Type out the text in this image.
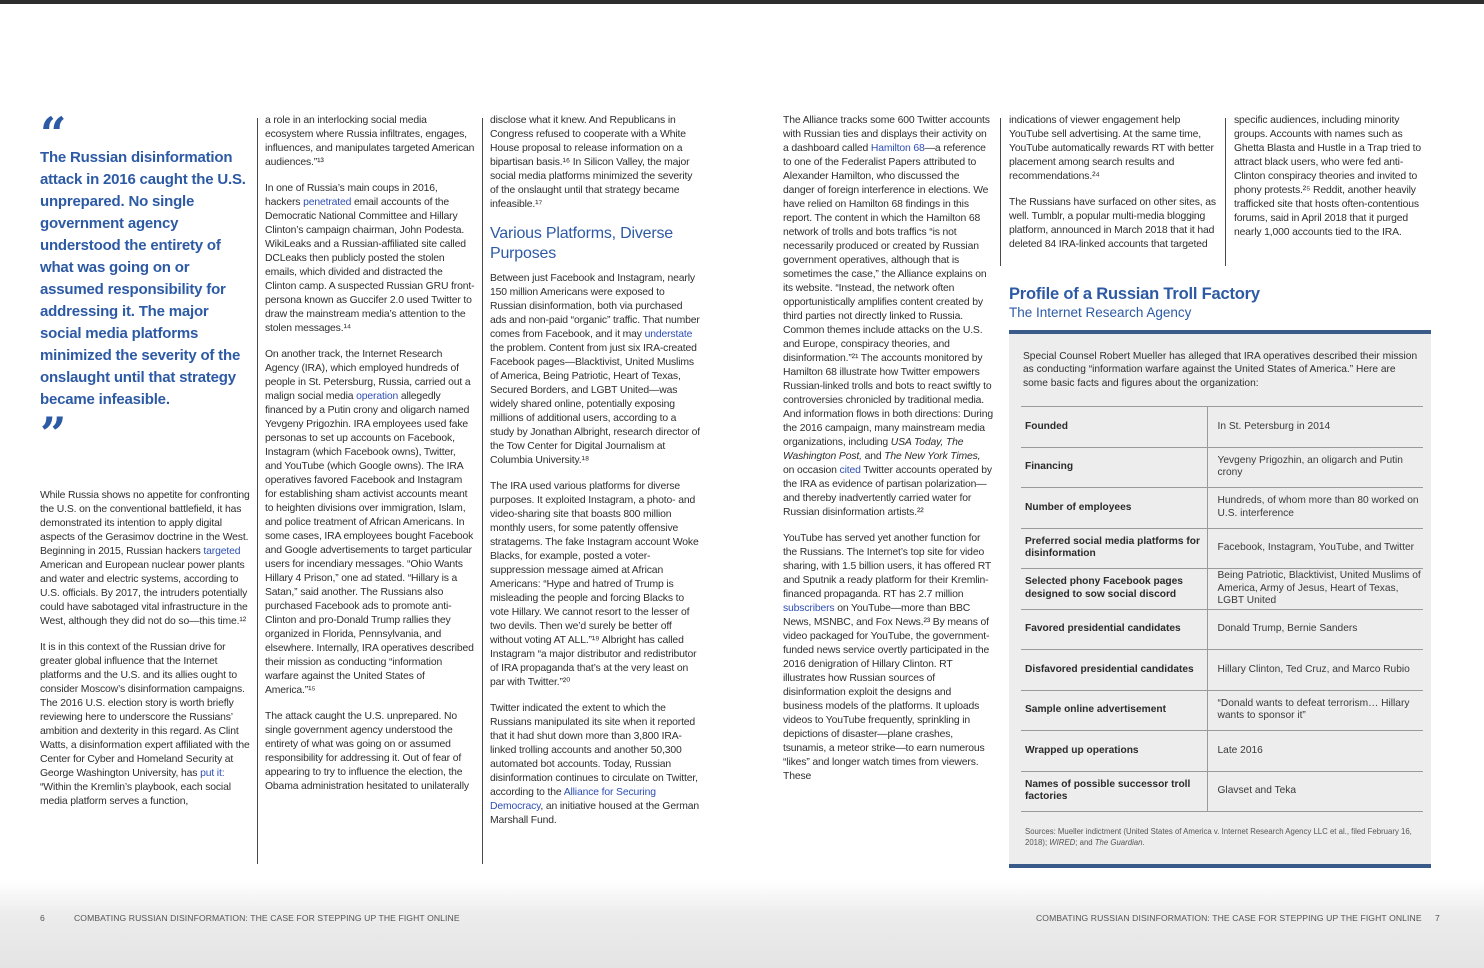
“
The Russian disinformation attack in 2016 caught the U.S. unprepared. No single government agency understood the entirety of what was going on or assumed responsibility for addressing it. The major social media platforms minimized the severity of the onslaught until that strategy became infeasible.
”

While Russia shows no appetite for confronting the U.S. on the conventional battlefield, it has demonstrated its intention to apply digital aspects of the Gerasimov doctrine in the West. Beginning in 2015, Russian hackers targeted American and European nuclear power plants and water and electric systems, according to U.S. officials. By 2017, the intruders potentially could have sabotaged vital infrastructure in the West, although they did not do so—this time.¹²

It is in this context of the Russian drive for greater global influence that the Internet platforms and the U.S. and its allies ought to consider Moscow’s disinformation campaigns. The 2016 U.S. election story is worth briefly reviewing here to underscore the Russians’ ambition and dexterity in this regard. As Clint Watts, a disinformation expert affiliated with the Center for Cyber and Homeland Security at George Washington University, has put it: “Within the Kremlin’s playbook, each social media platform serves a function,

a role in an interlocking social media ecosystem where Russia infiltrates, engages, influences, and manipulates targeted American audiences.”¹³

In one of Russia’s main coups in 2016, hackers penetrated email accounts of the Democratic National Committee and Hillary Clinton’s campaign chairman, John Podesta. WikiLeaks and a Russian-affiliated site called DCLeaks then publicly posted the stolen emails, which divided and distracted the Clinton camp. A suspected Russian GRU front-persona known as Guccifer 2.0 used Twitter to draw the mainstream media’s attention to the stolen messages.¹⁴

On another track, the Internet Research Agency (IRA), which employed hundreds of people in St. Petersburg, Russia, carried out a malign social media operation allegedly financed by a Putin crony and oligarch named Yevgeny Prigozhin. IRA employees used fake personas to set up accounts on Facebook, Instagram (which Facebook owns), Twitter, and YouTube (which Google owns). The IRA operatives favored Facebook and Instagram for establishing sham activist accounts meant to heighten divisions over immigration, Islam, and police treatment of African Americans. In some cases, IRA employees bought Facebook and Google advertisements to target particular users for incendiary messages. “Ohio Wants Hillary 4 Prison,” one ad stated. “Hillary is a Satan,” said another. The Russians also purchased Facebook ads to promote anti-Clinton and pro-Donald Trump rallies they organized in Florida, Pennsylvania, and elsewhere. Internally, IRA operatives described their mission as conducting “information warfare against the United States of America.”¹⁵

The attack caught the U.S. unprepared. No single government agency understood the entirety of what was going on or assumed responsibility for addressing it. Out of fear of appearing to try to influence the election, the Obama administration hesitated to unilaterally

disclose what it knew. And Republicans in Congress refused to cooperate with a White House proposal to release information on a bipartisan basis.¹⁶ In Silicon Valley, the major social media platforms minimized the severity of the onslaught until that strategy became infeasible.¹⁷

Various Platforms, Diverse Purposes

Between just Facebook and Instagram, nearly 150 million Americans were exposed to Russian disinformation, both via purchased ads and non-paid “organic” traffic. That number comes from Facebook, and it may understate the problem. Content from just six IRA-created Facebook pages—Blacktivist, United Muslims of America, Being Patriotic, Heart of Texas, Secured Borders, and LGBT United—was widely shared online, potentially exposing millions of additional users, according to a study by Jonathan Albright, research director of the Tow Center for Digital Journalism at Columbia University.¹⁸

The IRA used various platforms for diverse purposes. It exploited Instagram, a photo- and video-sharing site that boasts 800 million monthly users, for some patently offensive stratagems. The fake Instagram account Woke Blacks, for example, posted a voter-suppression message aimed at African Americans: “Hype and hatred of Trump is misleading the people and forcing Blacks to vote Hillary. We cannot resort to the lesser of two devils. Then we’d surely be better off without voting AT ALL.”¹⁹ Albright has called Instagram “a major distributor and redistributor of IRA propaganda that’s at the very least on par with Twitter.”²⁰

Twitter indicated the extent to which the Russians manipulated its site when it reported that it had shut down more than 3,800 IRA-linked trolling accounts and another 50,300 automated bot accounts. Today, Russian disinformation continues to circulate on Twitter, according to the Alliance for Securing Democracy, an initiative housed at the German Marshall Fund.

The Alliance tracks some 600 Twitter accounts with Russian ties and displays their activity on a dashboard called Hamilton 68—a reference to one of the Federalist Papers attributed to Alexander Hamilton, who discussed the danger of foreign interference in elections. We have relied on Hamilton 68 findings in this report. The content in which the Hamilton 68 network of trolls and bots traffics “is not necessarily produced or created by Russian government operatives, although that is sometimes the case,” the Alliance explains on its website. “Instead, the network often opportunistically amplifies content created by third parties not directly linked to Russia. Common themes include attacks on the U.S. and Europe, conspiracy theories, and disinformation.”²¹ The accounts monitored by Hamilton 68 illustrate how Twitter empowers Russian-linked trolls and bots to react swiftly to controversies chronicled by traditional media. And information flows in both directions: During the 2016 campaign, many mainstream media organizations, including USA Today, The Washington Post, and The New York Times, on occasion cited Twitter accounts operated by the IRA as evidence of partisan polarization—and thereby inadvertently carried water for Russian disinformation artists.²²

YouTube has served yet another function for the Russians. The Internet’s top site for video sharing, with 1.5 billion users, it has offered RT and Sputnik a ready platform for their Kremlin-financed propaganda. RT has 2.7 million subscribers on YouTube—more than BBC News, MSNBC, and Fox News.²³ By means of video packaged for YouTube, the government-funded news service overtly participated in the 2016 denigration of Hillary Clinton. RT illustrates how Russian sources of disinformation exploit the designs and business models of the platforms. It uploads videos to YouTube frequently, sprinkling in depictions of disaster—plane crashes, tsunamis, a meteor strike—to earn numerous “likes” and longer watch times from viewers. These

indications of viewer engagement help YouTube sell advertising. At the same time, YouTube automatically rewards RT with better placement among search results and recommendations.²⁴

The Russians have surfaced on other sites, as well. Tumblr, a popular multi-media blogging platform, announced in March 2018 that it had deleted 84 IRA-linked accounts that targeted

specific audiences, including minority groups. Accounts with names such as Ghetta Blasta and Hustle in a Trap tried to attract black users, who were fed anti-Clinton conspiracy theories and invited to phony protests.²⁵ Reddit, another heavily trafficked site that hosts often-contentious forums, said in April 2018 that it purged nearly 1,000 accounts tied to the IRA.

Profile of a Russian Troll Factory
The Internet Research Agency
Special Counsel Robert Mueller has alleged that IRA operatives described their mission as conducting “information warfare against the United States of America.” Here are some basic facts and figures about the organization:
Founded	In St. Petersburg in 2014
Financing	Yevgeny Prigozhin, an oligarch and Putin crony
Number of employees	Hundreds, of whom more than 80 worked on U.S. interference
Preferred social media platforms for disinformation	Facebook, Instagram, YouTube, and Twitter
Selected phony Facebook pages designed to sow social discord	Being Patriotic, Blacktivist, United Muslims of America, Army of Jesus, Heart of Texas, LGBT United
Favored presidential candidates	Donald Trump, Bernie Sanders
Disfavored presidential candidates	Hillary Clinton, Ted Cruz, and Marco Rubio
Sample online advertisement	“Donald wants to defeat terrorism… Hillary wants to sponsor it”
Wrapped up operations	Late 2016
Names of possible successor troll factories	Glavset and Teka
Sources: Mueller indictment (United States of America v. Internet Research Agency LLC et al., filed February 16, 2018); WIRED; and The Guardian.
6	COMBATING RUSSIAN DISINFORMATION: THE CASE FOR STEPPING UP THE FIGHT ONLINE	COMBATING RUSSIAN DISINFORMATION: THE CASE FOR STEPPING UP THE FIGHT ONLINE 7
